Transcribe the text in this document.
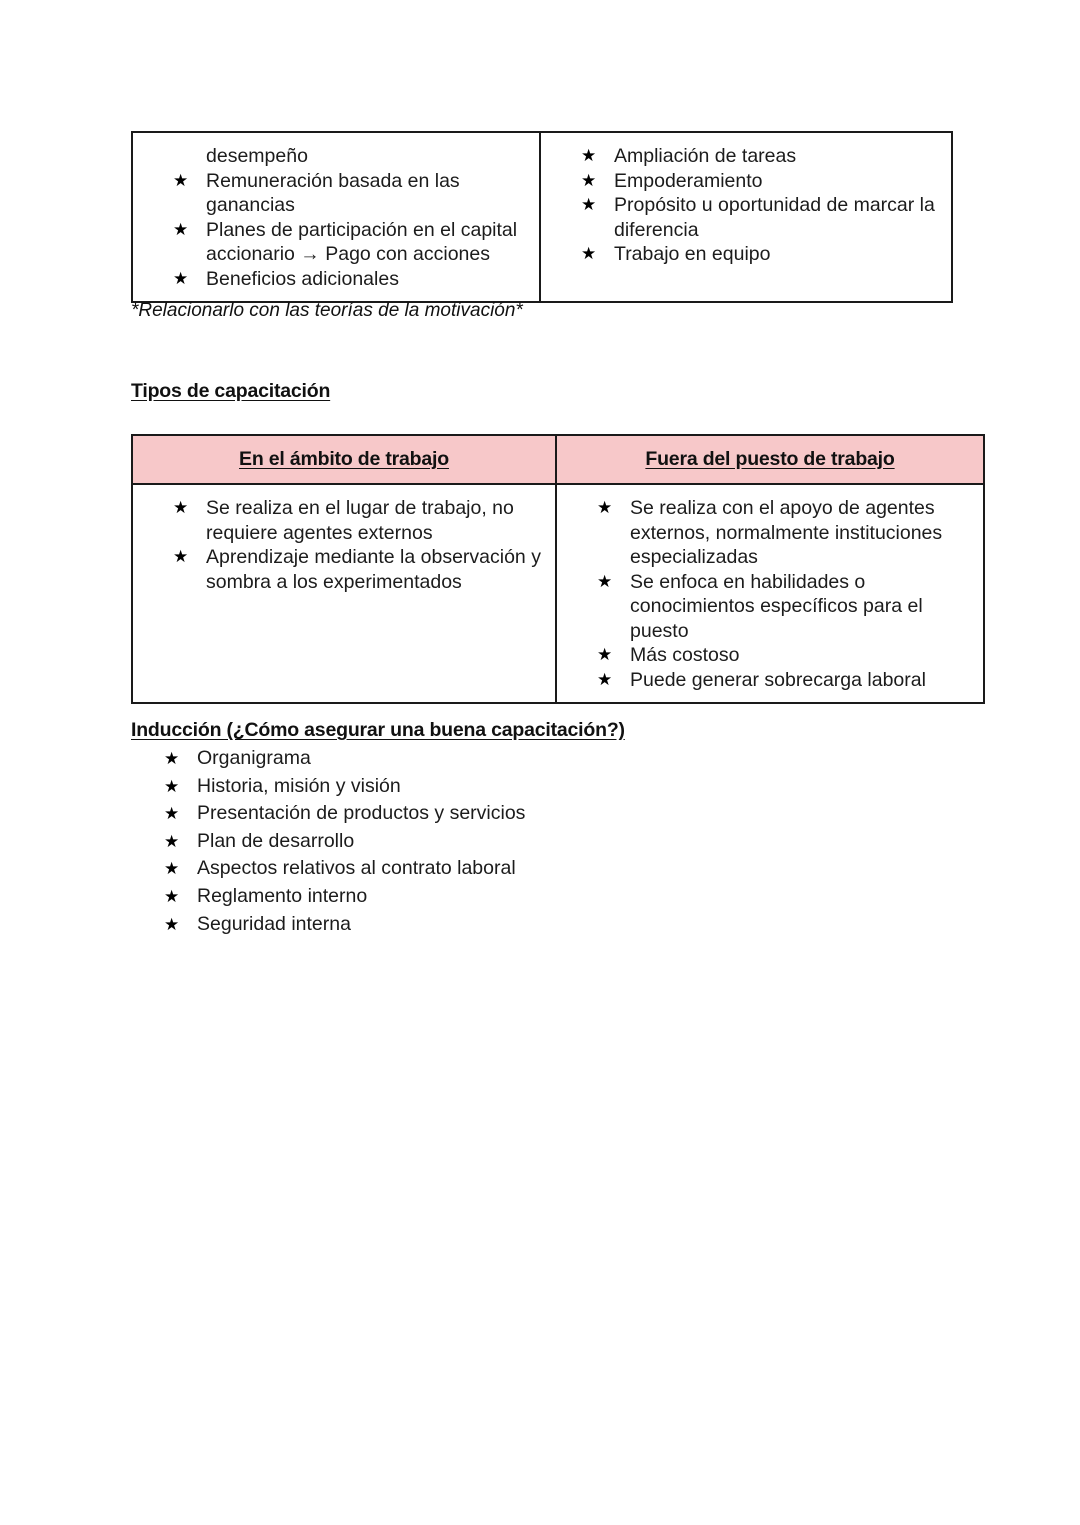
desempeño
★ Remuneración basada en las ganancias
★ Planes de participación en el capital accionario → Pago con acciones
★ Beneficios adicionales

★ Ampliación de tareas
★ Empoderamiento
★ Propósito u oportunidad de marcar la diferencia
★ Trabajo en equipo
*Relacionarlo con las teorías de la motivación*
Tipos de capacitación
En el ámbito de trabajo	Fuera del puesto de trabajo

★ Se realiza en el lugar de trabajo, no requiere agentes externos
★ Aprendizaje mediante la observación y sombra a los experimentados

★ Se realiza con el apoyo de agentes externos, normalmente instituciones especializadas
★ Se enfoca en habilidades o conocimientos específicos para el puesto
★ Más costoso
★ Puede generar sobrecarga laboral
Inducción (¿Cómo asegurar una buena capacitación?)
★ Organigrama
★ Historia, misión y visión
★ Presentación de productos y servicios
★ Plan de desarrollo
★ Aspectos relativos al contrato laboral
★ Reglamento interno
★ Seguridad interna
